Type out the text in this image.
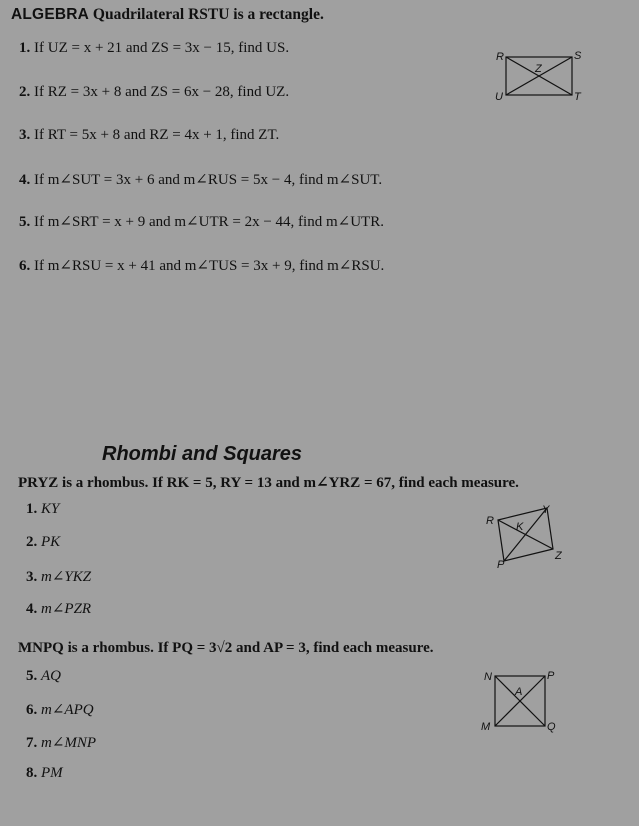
ALGEBRA Quadrilateral RSTU is a rectangle.
1. If UZ = x + 21 and ZS = 3x − 15, find US.
2. If RZ = 3x + 8 and ZS = 6x − 28, find UZ.
3. If RT = 5x + 8 and RZ = 4x + 1, find ZT.
4. If m∠SUT = 3x + 6 and m∠RUS = 5x − 4, find m∠SUT.
5. If m∠SRT = x + 9 and m∠UTR = 2x − 44, find m∠UTR.
6. If m∠RSU = x + 41 and m∠TUS = 3x + 9, find m∠RSU.
R	S
T
U
Z
Rhombi and Squares
PRYZ is a rhombus. If RK = 5, RY = 13 and m∠YRZ = 67, find each measure.
1. KY
2. PK
3. m∠YKZ
4. m∠PZR
R
Y
Z
P
K
MNPQ is a rhombus. If PQ = 3√2 and AP = 3, find each measure.
5. AQ
6. m∠APQ
7. m∠MNP
8. PM
N	P
M	Q
A
